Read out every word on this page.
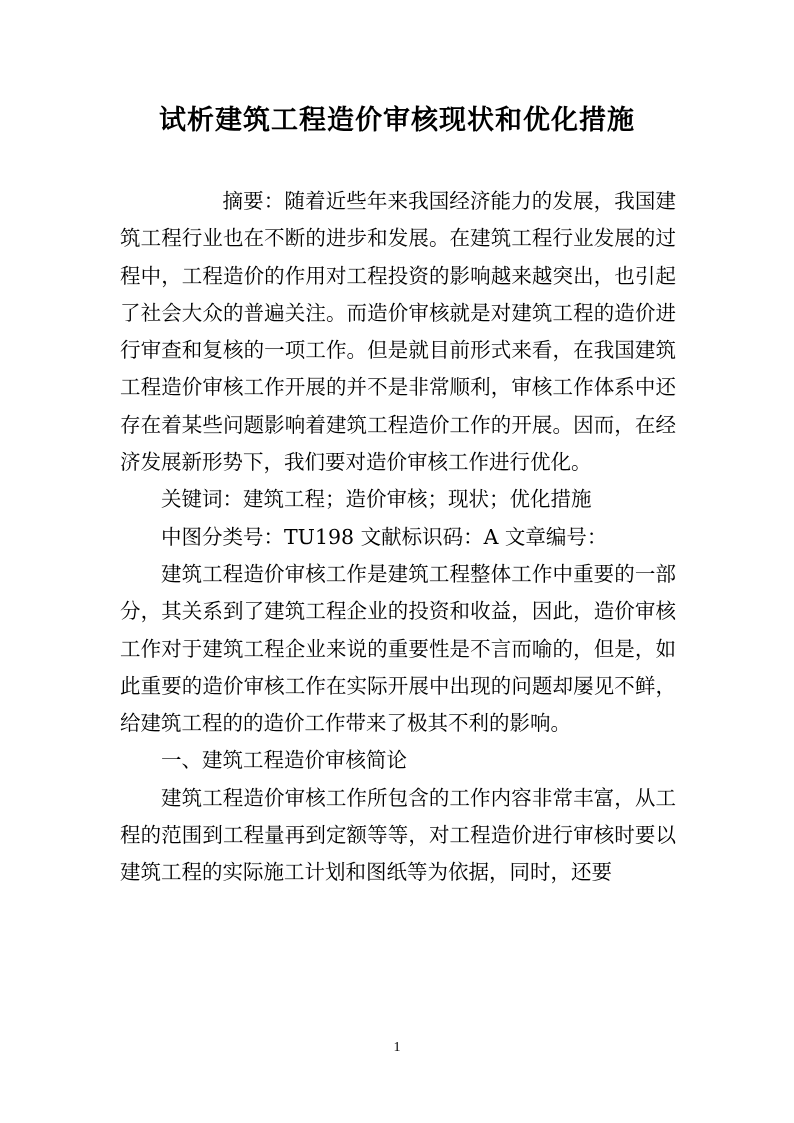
试析建筑工程造价审核现状和优化措施

摘要：随着近些年来我国经济能力的发展，我国建筑工程行业也在不断的进步和发展。在建筑工程行业发展的过程中，工程造价的作用对工程投资的影响越来越突出，也引起了社会大众的普遍关注。而造价审核就是对建筑工程的造价进行审查和复核的一项工作。但是就目前形式来看，在我国建筑工程造价审核工作开展的并不是非常顺利，审核工作体系中还存在着某些问题影响着建筑工程造价工作的开展。因而，在经济发展新形势下，我们要对造价审核工作进行优化。

关键词：建筑工程；造价审核；现状；优化措施

中图分类号：TU198 文献标识码：A 文章编号：

建筑工程造价审核工作是建筑工程整体工作中重要的一部分，其关系到了建筑工程企业的投资和收益，因此，造价审核工作对于建筑工程企业来说的重要性是不言而喻的，但是，如此重要的造价审核工作在实际开展中出现的问题却屡见不鲜，给建筑工程的的造价工作带来了极其不利的影响。

一、建筑工程造价审核简论

建筑工程造价审核工作所包含的工作内容非常丰富，从工程的范围到工程量再到定额等等，对工程造价进行审核时要以建筑工程的实际施工计划和图纸等为依据，同时，还要

1
